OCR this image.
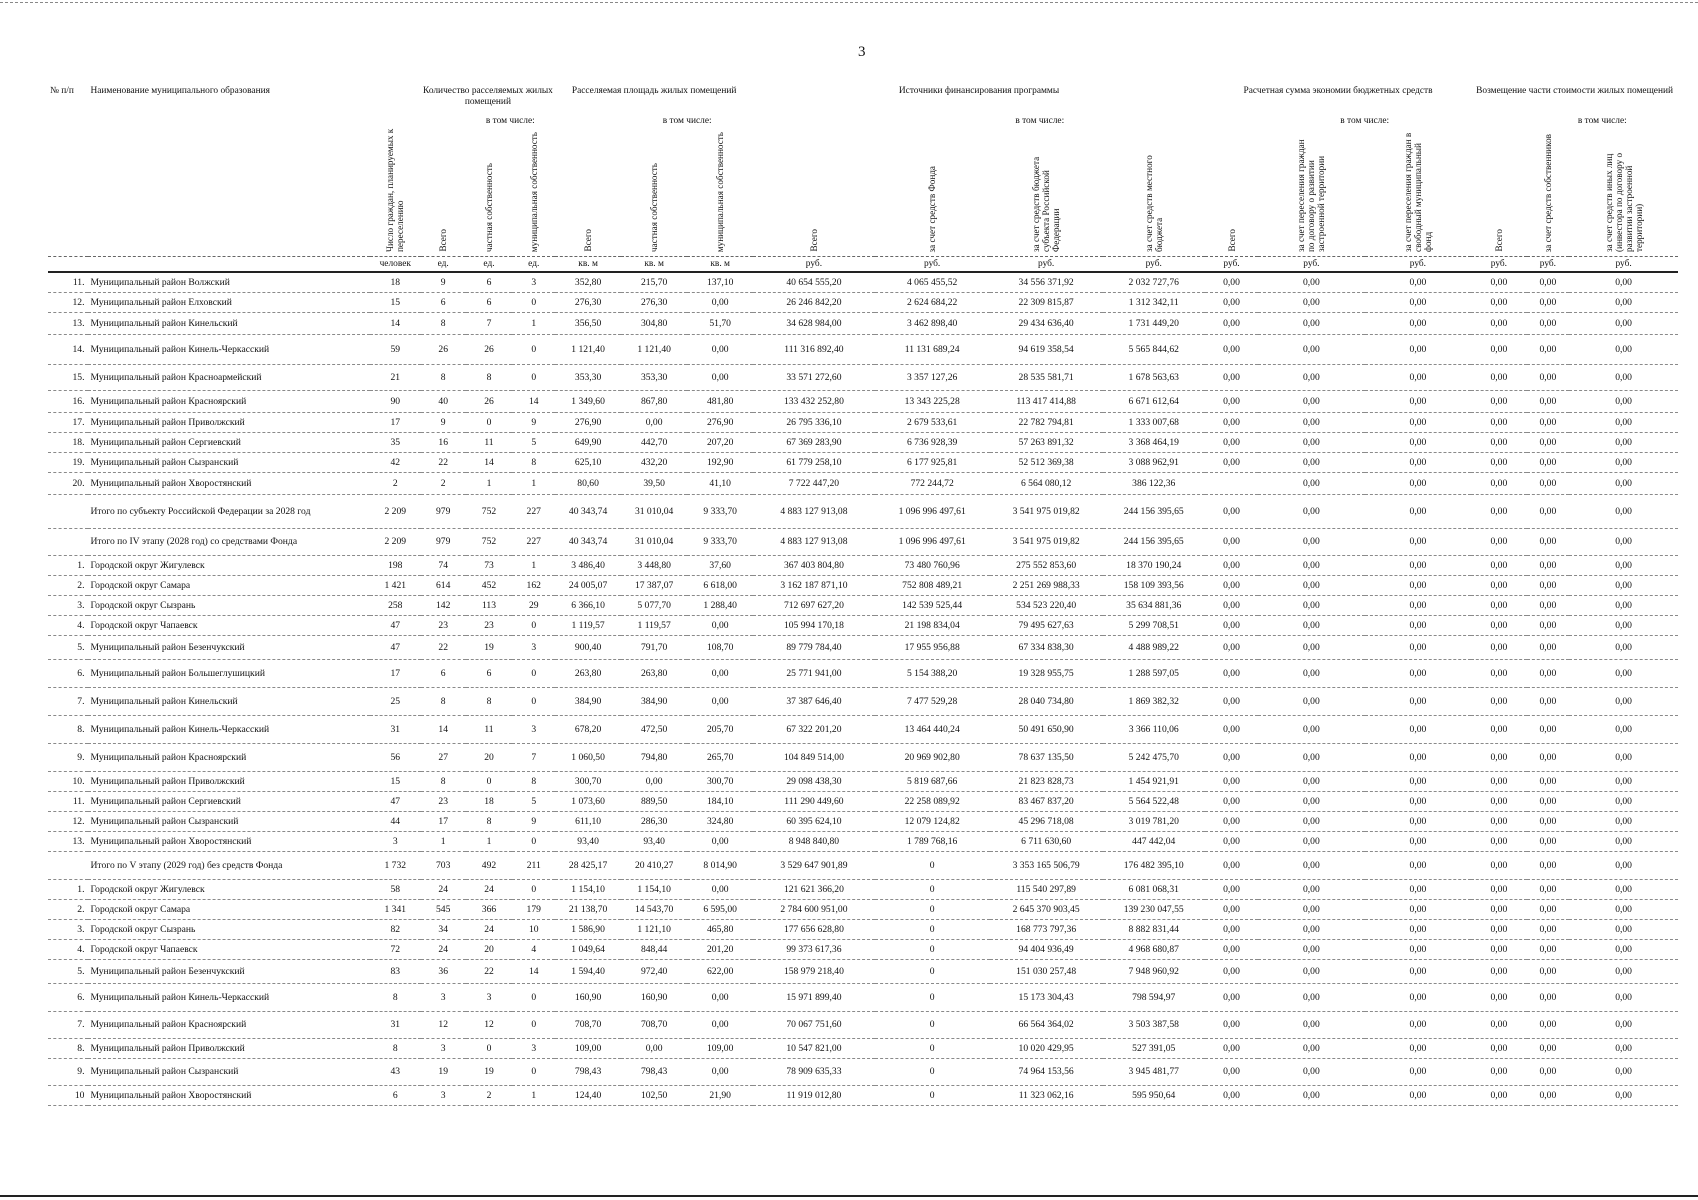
3
№ п/п	Наименование муниципального образования	Число граждан, планируемых к переселению	Количество расселяемых жилых помещений			Расселяемая площадь жилых помещений			Источники финансирования программы				Расчетная сумма экономии бюджетных средств			Возмещение части стоимости жилых помещений		
			Всего	в том числе:		Всего	в том числе:		Всего	в том числе:			Всего	в том числе:		Всего	в том числе:	
				частная собственность	муниципальная собственность		частная собственность	муниципальная собственность		за счет средств Фонда	за счет средств бюджета субъекта Российской Федерации	за счет средств местного бюджета		за счет переселения граждан по договору о развитии застроенной территории	за счет переселения граждан в свободный муниципальный фонд		за счет средств собственников	за счет средств иных лиц (инвестора по договору о развитии застроенной территории)
		человек	ед.	ед.	ед.	кв. м	кв. м	кв. м	руб.	руб.	руб.	руб.	руб.	руб.	руб.	руб.	руб.	руб.
11.	Муниципальный район Волжский	18	9	6	3	352,80	215,70	137,10	40 654 555,20	4 065 455,52	34 556 371,92	2 032 727,76	0,00	0,00	0,00	0,00	0,00	0,00
12.	Муниципальный район Елховский	15	6	6	0	276,30	276,30	0,00	26 246 842,20	2 624 684,22	22 309 815,87	1 312 342,11	0,00	0,00	0,00	0,00	0,00	0,00
13.	Муниципальный район Кинельский	14	8	7	1	356,50	304,80	51,70	34 628 984,00	3 462 898,40	29 434 636,40	1 731 449,20	0,00	0,00	0,00	0,00	0,00	0,00
14.	Муниципальный район Кинель-Черкасский	59	26	26	0	1 121,40	1 121,40	0,00	111 316 892,40	11 131 689,24	94 619 358,54	5 565 844,62	0,00	0,00	0,00	0,00	0,00	0,00
15.	Муниципальный район Красноармейский	21	8	8	0	353,30	353,30	0,00	33 571 272,60	3 357 127,26	28 535 581,71	1 678 563,63	0,00	0,00	0,00	0,00	0,00	0,00
16.	Муниципальный район Красноярский	90	40	26	14	1 349,60	867,80	481,80	133 432 252,80	13 343 225,28	113 417 414,88	6 671 612,64	0,00	0,00	0,00	0,00	0,00	0,00
17.	Муниципальный район Приволжский	17	9	0	9	276,90	0,00	276,90	26 795 336,10	2 679 533,61	22 782 794,81	1 333 007,68	0,00	0,00	0,00	0,00	0,00	0,00
18.	Муниципальный район Сергиевский	35	16	11	5	649,90	442,70	207,20	67 369 283,90	6 736 928,39	57 263 891,32	3 368 464,19	0,00	0,00	0,00	0,00	0,00	0,00
19.	Муниципальный район Сызранский	42	22	14	8	625,10	432,20	192,90	61 779 258,10	6 177 925,81	52 512 369,38	3 088 962,91	0,00	0,00	0,00	0,00	0,00	0,00
20.	Муниципальный район Хворостянский	2	2	1	1	80,60	39,50	41,10	7 722 447,20	772 244,72	6 564 080,12	386 122,36		0,00	0,00	0,00	0,00	0,00
	Итого по субъекту Российской Федерации за 2028 год	2 209	979	752	227	40 343,74	31 010,04	9 333,70	4 883 127 913,08	1 096 996 497,61	3 541 975 019,82	244 156 395,65	0,00	0,00	0,00	0,00	0,00	0,00
	Итого по IV этапу (2028 год) со средствами Фонда	2 209	979	752	227	40 343,74	31 010,04	9 333,70	4 883 127 913,08	1 096 996 497,61	3 541 975 019,82	244 156 395,65	0,00	0,00	0,00	0,00	0,00	0,00
1.	Городской округ Жигулевск	198	74	73	1	3 486,40	3 448,80	37,60	367 403 804,80	73 480 760,96	275 552 853,60	18 370 190,24	0,00	0,00	0,00	0,00	0,00	0,00
2.	Городской округ Самара	1 421	614	452	162	24 005,07	17 387,07	6 618,00	3 162 187 871,10	752 808 489,21	2 251 269 988,33	158 109 393,56	0,00	0,00	0,00	0,00	0,00	0,00
3.	Городской округ Сызрань	258	142	113	29	6 366,10	5 077,70	1 288,40	712 697 627,20	142 539 525,44	534 523 220,40	35 634 881,36	0,00	0,00	0,00	0,00	0,00	0,00
4.	Городской округ Чапаевск	47	23	23	0	1 119,57	1 119,57	0,00	105 994 170,18	21 198 834,04	79 495 627,63	5 299 708,51	0,00	0,00	0,00	0,00	0,00	0,00
5.	Муниципальный район Безенчукский	47	22	19	3	900,40	791,70	108,70	89 779 784,40	17 955 956,88	67 334 838,30	4 488 989,22	0,00	0,00	0,00	0,00	0,00	0,00
6.	Муниципальный район Большеглушицкий	17	6	6	0	263,80	263,80	0,00	25 771 941,00	5 154 388,20	19 328 955,75	1 288 597,05	0,00	0,00	0,00	0,00	0,00	0,00
7.	Муниципальный район Кинельский	25	8	8	0	384,90	384,90	0,00	37 387 646,40	7 477 529,28	28 040 734,80	1 869 382,32	0,00	0,00	0,00	0,00	0,00	0,00
8.	Муниципальный район Кинель-Черкасский	31	14	11	3	678,20	472,50	205,70	67 322 201,20	13 464 440,24	50 491 650,90	3 366 110,06	0,00	0,00	0,00	0,00	0,00	0,00
9.	Муниципальный район Красноярский	56	27	20	7	1 060,50	794,80	265,70	104 849 514,00	20 969 902,80	78 637 135,50	5 242 475,70	0,00	0,00	0,00	0,00	0,00	0,00
10.	Муниципальный район Приволжский	15	8	0	8	300,70	0,00	300,70	29 098 438,30	5 819 687,66	21 823 828,73	1 454 921,91	0,00	0,00	0,00	0,00	0,00	0,00
11.	Муниципальный район Сергиевский	47	23	18	5	1 073,60	889,50	184,10	111 290 449,60	22 258 089,92	83 467 837,20	5 564 522,48	0,00	0,00	0,00	0,00	0,00	0,00
12.	Муниципальный район Сызранский	44	17	8	9	611,10	286,30	324,80	60 395 624,10	12 079 124,82	45 296 718,08	3 019 781,20	0,00	0,00	0,00	0,00	0,00	0,00
13.	Муниципальный район Хворостянский	3	1	1	0	93,40	93,40	0,00	8 948 840,80	1 789 768,16	6 711 630,60	447 442,04	0,00	0,00	0,00	0,00	0,00	0,00
	Итого по V этапу (2029 год) без средств Фонда	1 732	703	492	211	28 425,17	20 410,27	8 014,90	3 529 647 901,89	0	3 353 165 506,79	176 482 395,10	0,00	0,00	0,00	0,00	0,00	0,00
1.	Городской округ Жигулевск	58	24	24	0	1 154,10	1 154,10	0,00	121 621 366,20	0	115 540 297,89	6 081 068,31	0,00	0,00	0,00	0,00	0,00	0,00
2.	Городской округ Самара	1 341	545	366	179	21 138,70	14 543,70	6 595,00	2 784 600 951,00	0	2 645 370 903,45	139 230 047,55	0,00	0,00	0,00	0,00	0,00	0,00
3.	Городской округ Сызрань	82	34	24	10	1 586,90	1 121,10	465,80	177 656 628,80	0	168 773 797,36	8 882 831,44	0,00	0,00	0,00	0,00	0,00	0,00
4.	Городской округ Чапаевск	72	24	20	4	1 049,64	848,44	201,20	99 373 617,36	0	94 404 936,49	4 968 680,87	0,00	0,00	0,00	0,00	0,00	0,00
5.	Муниципальный район Безенчукский	83	36	22	14	1 594,40	972,40	622,00	158 979 218,40	0	151 030 257,48	7 948 960,92	0,00	0,00	0,00	0,00	0,00	0,00
6.	Муниципальный район Кинель-Черкасский	8	3	3	0	160,90	160,90	0,00	15 971 899,40	0	15 173 304,43	798 594,97	0,00	0,00	0,00	0,00	0,00	0,00
7.	Муниципальный район Красноярский	31	12	12	0	708,70	708,70	0,00	70 067 751,60	0	66 564 364,02	3 503 387,58	0,00	0,00	0,00	0,00	0,00	0,00
8.	Муниципальный район Приволжский	8	3	0	3	109,00	0,00	109,00	10 547 821,00	0	10 020 429,95	527 391,05	0,00	0,00	0,00	0,00	0,00	0,00
9.	Муниципальный район Сызранский	43	19	19	0	798,43	798,43	0,00	78 909 635,33	0	74 964 153,56	3 945 481,77	0,00	0,00	0,00	0,00	0,00	0,00
10	Муниципальный район Хворостянский	6	3	2	1	124,40	102,50	21,90	11 919 012,80	0	11 323 062,16	595 950,64	0,00	0,00	0,00	0,00	0,00	0,00
